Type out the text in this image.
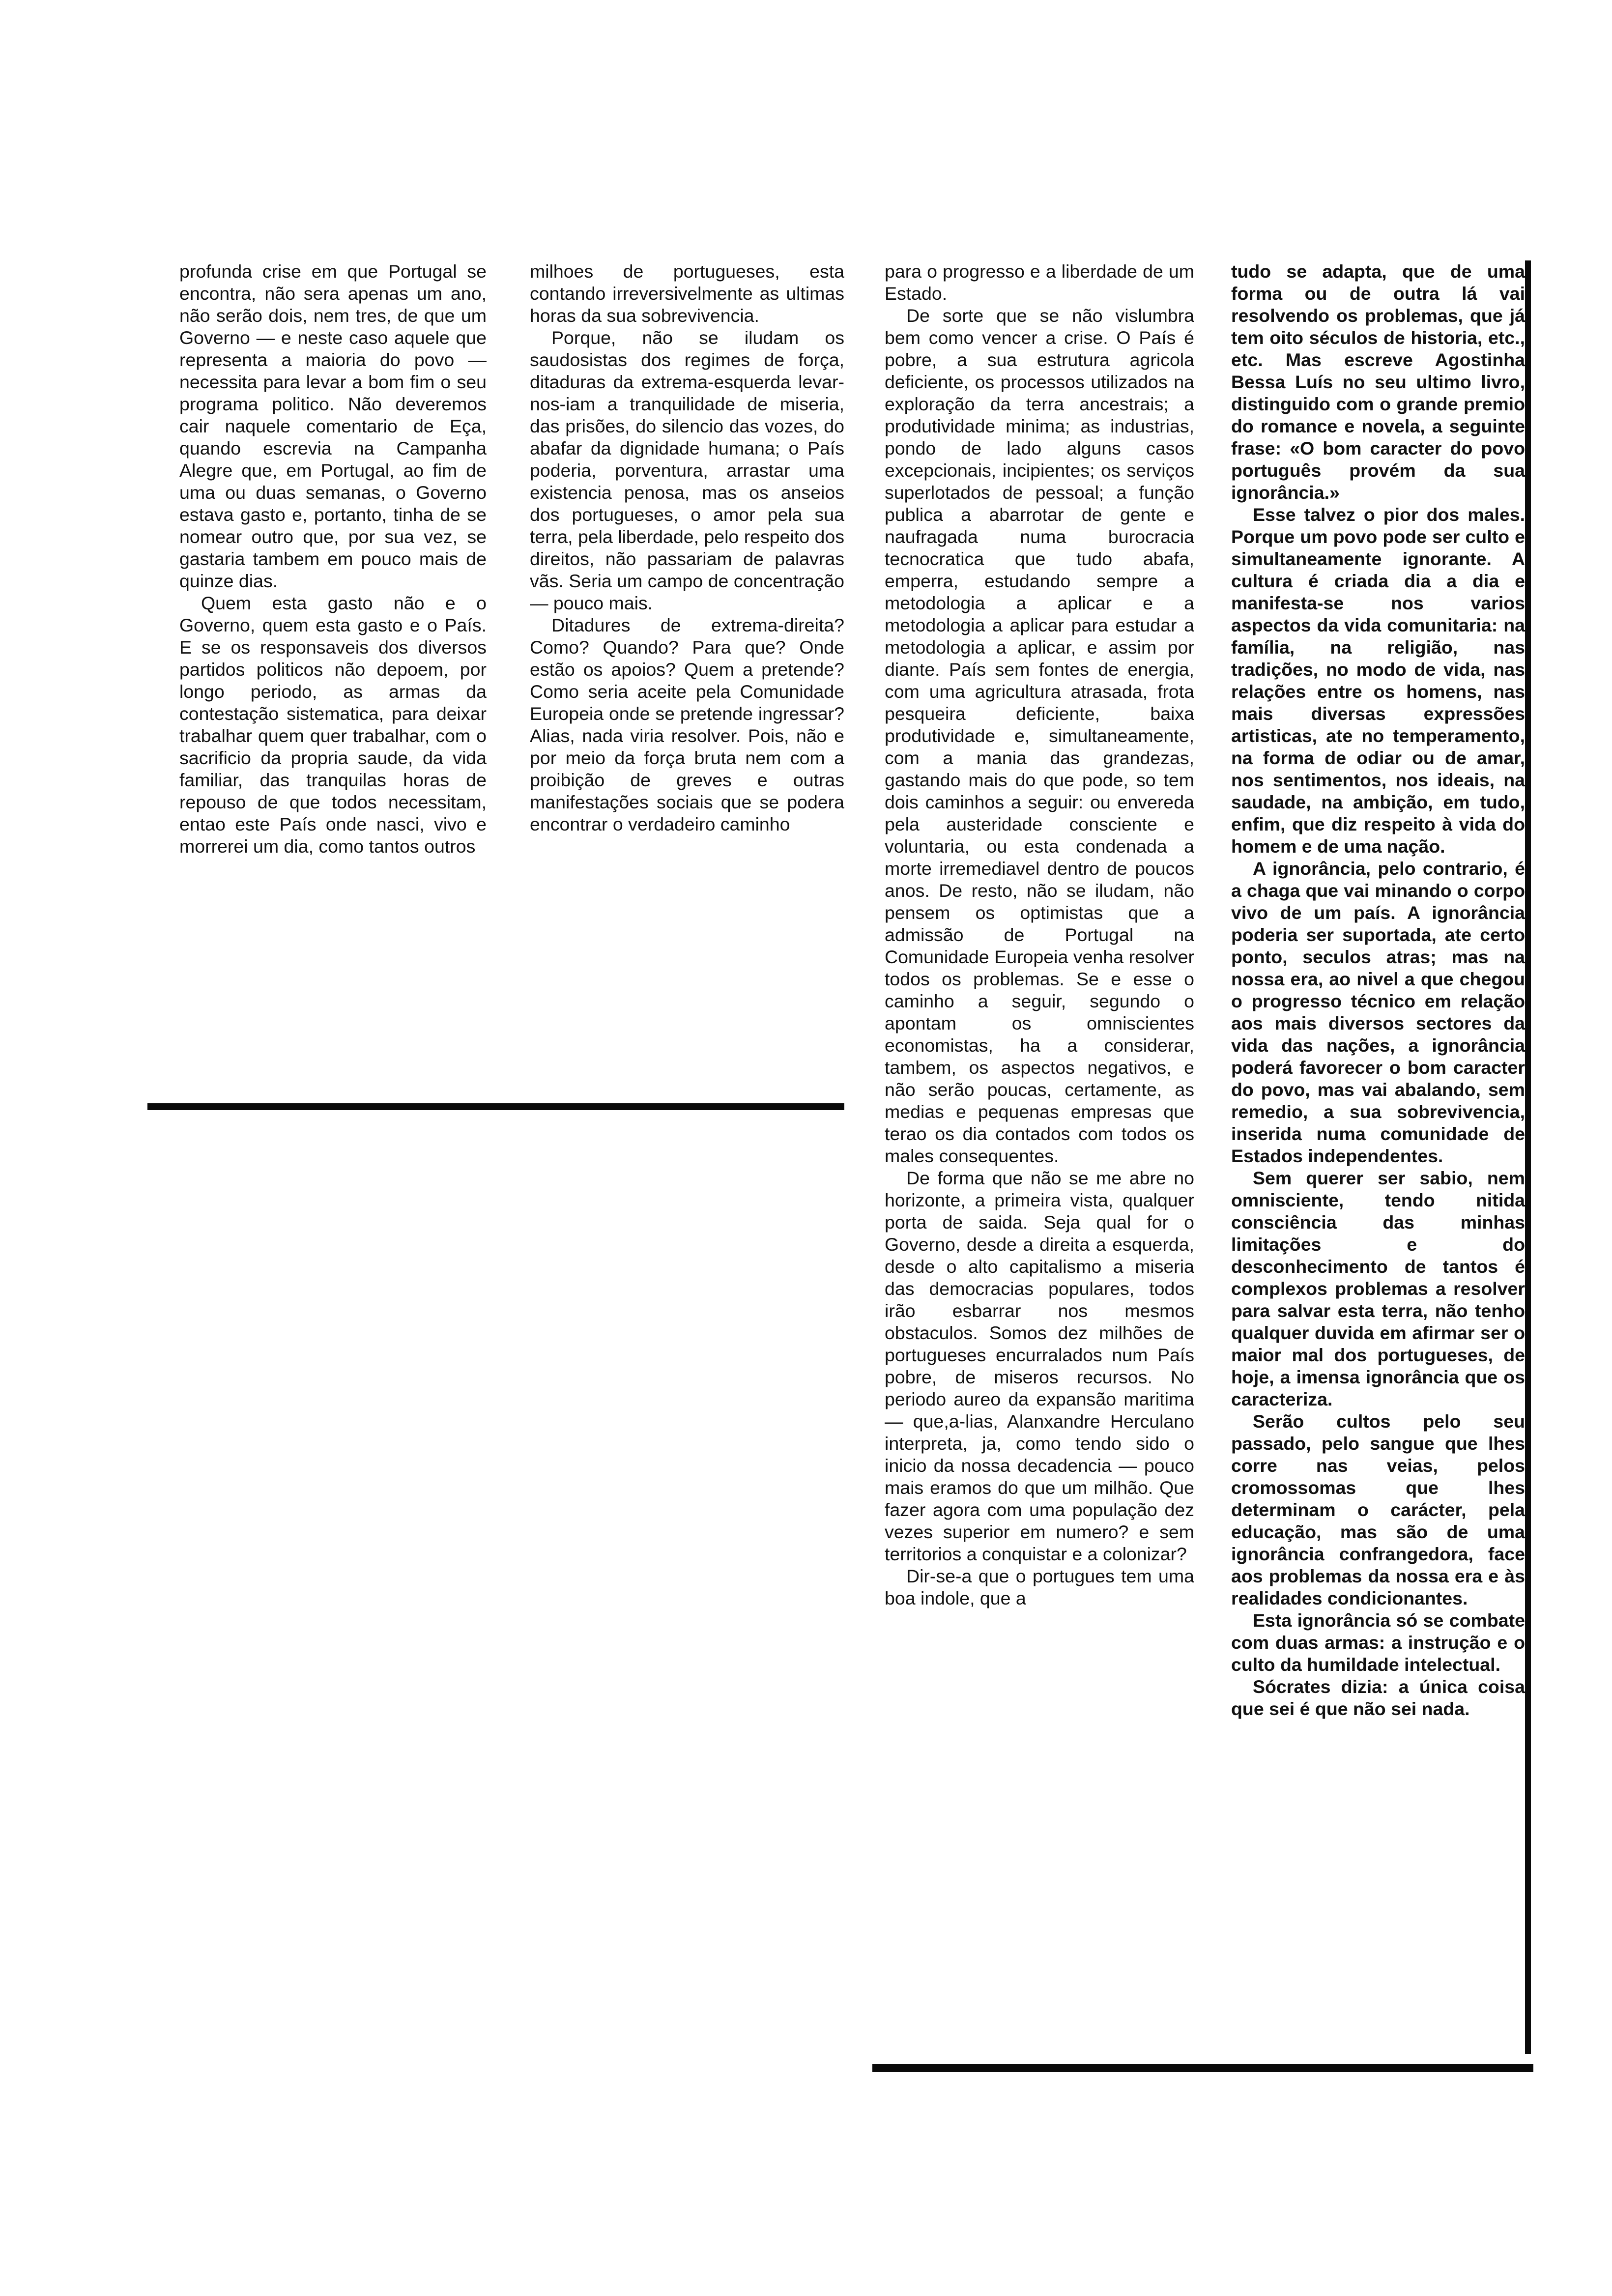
profunda crise em que Portugal se encontra, não sera apenas um ano, não serão dois, nem tres, de que um Governo — e neste caso aquele que representa a maioria do povo — necessita para levar a bom fim o seu programa politico. Não deveremos cair naquele comentario de Eça, quando escrevia na Campanha Alegre que, em Portugal, ao fim de uma ou duas semanas, o Governo estava gasto e, portanto, tinha de se nomear outro que, por sua vez, se gastaria tambem em pouco mais de quinze dias.

Quem esta gasto não e o Governo, quem esta gasto e o País. E se os responsaveis dos diversos partidos politicos não depoem, por longo periodo, as armas da contestação sistematica, para deixar trabalhar quem quer trabalhar, com o sacrificio da propria saude, da vida familiar, das tranquilas horas de repouso de que todos necessitam, entao este País onde nasci, vivo e morrerei um dia, como tantos outros

milhoes de portugueses, esta contando irreversivelmente as ultimas horas da sua sobrevivencia.

Porque, não se iludam os saudosistas dos regimes de força, ditaduras da extrema-esquerda levar-nos-iam a tranquilidade de miseria, das prisões, do silencio das vozes, do abafar da dignidade humana; o País poderia, porventura, arrastar uma existencia penosa, mas os anseios dos portugueses, o amor pela sua terra, pela liberdade, pelo respeito dos direitos, não passariam de palavras vãs. Seria um campo de concentração — pouco mais.

Ditadures de extrema-direita? Como? Quando? Para que? Onde estão os apoios? Quem a pretende? Como seria aceite pela Comunidade Europeia onde se pretende ingressar? Alias, nada viria resolver. Pois, não e por meio da força bruta nem com a proibição de greves e outras manifestações sociais que se podera encontrar o verdadeiro caminho

para o progresso e a liberdade de um Estado.

De sorte que se não vislumbra bem como vencer a crise. O País é pobre, a sua estrutura agricola deficiente, os processos utilizados na exploração da terra ancestrais; a produtividade minima; as industrias, pondo de lado alguns casos excepcionais, incipientes; os serviços superlotados de pessoal; a função publica a abarrotar de gente e naufragada numa burocracia tecnocratica que tudo abafa, emperra, estudando sempre a metodologia a aplicar e a metodologia a aplicar para estudar a metodologia a aplicar, e assim por diante. País sem fontes de energia, com uma agricultura atrasada, frota pesqueira deficiente, baixa produtividade e, simultaneamente, com a mania das grandezas, gastando mais do que pode, so tem dois caminhos a seguir: ou envereda pela austeridade consciente e voluntaria, ou esta condenada a morte irremediavel dentro de poucos anos. De resto, não se iludam, não pensem os optimistas que a admissão de Portugal na Comunidade Europeia venha resolver todos os problemas. Se e esse o caminho a seguir, segundo o apontam os omniscientes economistas, ha a considerar, tambem, os aspectos negativos, e não serão poucas, certamente, as medias e pequenas empresas que terao os dia contados com todos os males consequentes.

De forma que não se me abre no horizonte, a primeira vista, qualquer porta de saida. Seja qual for o Governo, desde a direita a esquerda, desde o alto capitalismo a miseria das democracias populares, todos irão esbarrar nos mesmos obstaculos. Somos dez milhões de portugueses encurralados num País pobre, de miseros recursos. No periodo aureo da expansão maritima — que,a-lias, Alanxandre Herculano interpreta, ja, como tendo sido o inicio da nossa decadencia — pouco mais eramos do que um milhão. Que fazer agora com uma população dez vezes superior em numero? e sem territorios a conquistar e a colonizar?

Dir-se-a que o portugues tem uma boa indole, que a

tudo se adapta, que de uma forma ou de outra lá vai resolvendo os problemas, que já tem oito séculos de historia, etc., etc. Mas escreve Agostinha Bessa Luís no seu ultimo livro, distinguido com o grande premio do romance e novela, a seguinte frase: «O bom caracter do povo português provém da sua ignorância.»

Esse talvez o pior dos males. Porque um povo pode ser culto e simultaneamente ignorante. A cultura é criada dia a dia e manifesta-se nos varios aspectos da vida comunitaria: na família, na religião, nas tradições, no modo de vida, nas relações entre os homens, nas mais diversas expressões artisticas, ate no temperamento, na forma de odiar ou de amar, nos sentimentos, nos ideais, na saudade, na ambição, em tudo, enfim, que diz respeito à vida do homem e de uma nação.

A ignorância, pelo contrario, é a chaga que vai minando o corpo vivo de um país. A ignorância poderia ser suportada, ate certo ponto, seculos atras; mas na nossa era, ao nivel a que chegou o progresso técnico em relação aos mais diversos sectores da vida das nações, a ignorância poderá favorecer o bom caracter do povo, mas vai abalando, sem remedio, a sua sobrevivencia, inserida numa comunidade de Estados independentes.

Sem querer ser sabio, nem omnisciente, tendo nitida consciência das minhas limitações e do desconhecimento de tantos é complexos problemas a resolver para salvar esta terra, não tenho qualquer duvida em afirmar ser o maior mal dos portugueses, de hoje, a imensa ignorância que os caracteriza.

Serão cultos pelo seu passado, pelo sangue que lhes corre nas veias, pelos cromossomas que lhes determinam o carácter, pela educação, mas são de uma ignorância confrangedora, face aos problemas da nossa era e às realidades condicionantes.

Esta ignorância só se combate com duas armas: a instrução e o culto da humildade intelectual.

Sócrates dizia: a única coisa que sei é que não sei nada.
